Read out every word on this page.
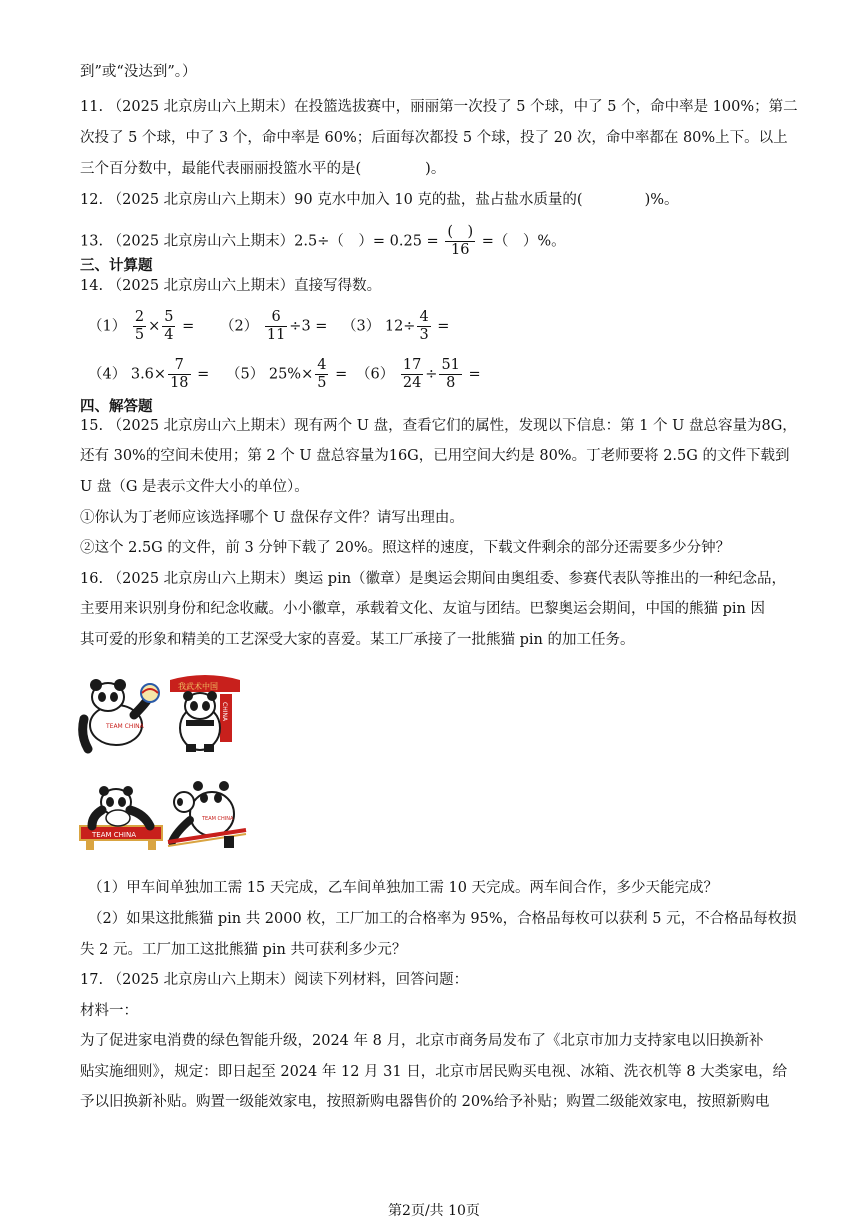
到”或“没达到”。）
11. （2025 北京房山六上期末）在投篮选拔赛中，丽丽第一次投了 5 个球，中了 5 个，命中率是 100%；第二
次投了 5 个球，中了 3 个，命中率是 60%；后面每次都投 5 个球，投了 20 次，命中率都在 80%上下。以上
三个百分数中，最能代表丽丽投篮水平的是(	)。
12. （2025 北京房山六上期末）90 克水中加入 10 克的盐，盐占盐水质量的(	)%。
13. （2025 北京房山六上期末）2.5÷（　）= $0.25 = \frac{( )}{16}$ =（　）%。
三、计算题
14. （2025 北京房山六上期末）直接写得数。
$(1) \frac{2}{5} \times \frac{5}{4} = (2) \frac{6}{11} \div 3 = (3)$ $12\div \frac{4}{3}$ =
（4） $3.6\times \frac{7}{18} = (5)$ $25\%\times \frac{4}{5} = (6) \frac{17}{24} \div \frac{51}{8}$ =
四、解答题
15. （2025 北京房山六上期末）现有两个 U 盘，查看它们的属性，发现以下信息：第 1 个 U 盘总容量为8G，
还有 30%的空间未使用；第 2 个 U 盘总容量为16G，已用空间大约是 80%。丁老师要将 2.5G 的文件下载到
U 盘（G 是表示文件大小的单位）。
①你认为丁老师应该选择哪个 U 盘保存文件？请写出理由。
②这个 2.5G 的文件，前 3 分钟下载了 20%。照这样的速度，下载文件剩余的部分还需要多少分钟？
16. （2025 北京房山六上期末）奥运 pin（徽章）是奥运会期间由奥组委、参赛代表队等推出的一种纪念品，
主要用来识别身份和纪念收藏。小小徽章，承载着文化、友谊与团结。巴黎奥运会期间，中国的熊猫 pin 因
其可爱的形象和精美的工艺深受大家的喜爱。某工厂承接了一批熊猫 pin 的加工任务。
TEAM CHINA
我武术中国
CHINA
TEAM CHINA
TEAM CHINA
（1）甲车间单独加工需 15 天完成，乙车间单独加工需 10 天完成。两车间合作，多少天能完成？
（2）如果这批熊猫 pin 共 2000 枚，工厂加工的合格率为 95%，合格品每枚可以获利 5 元，不合格品每枚损
失 2 元。工厂加工这批熊猫 pin 共可获利多少元？
17. （2025 北京房山六上期末）阅读下列材料，回答问题：
材料一：
为了促进家电消费的绿色智能升级，2024 年 8 月，北京市商务局发布了《北京市加力支持家电以旧换新补
贴实施细则》，规定：即日起至 2024 年 12 月 31 日，北京市居民购买电视、冰箱、洗衣机等 8 大类家电，给
予以旧换新补贴。购置一级能效家电，按照新购电器售价的 20%给予补贴；购置二级能效家电，按照新购电
第2页/共 10页
